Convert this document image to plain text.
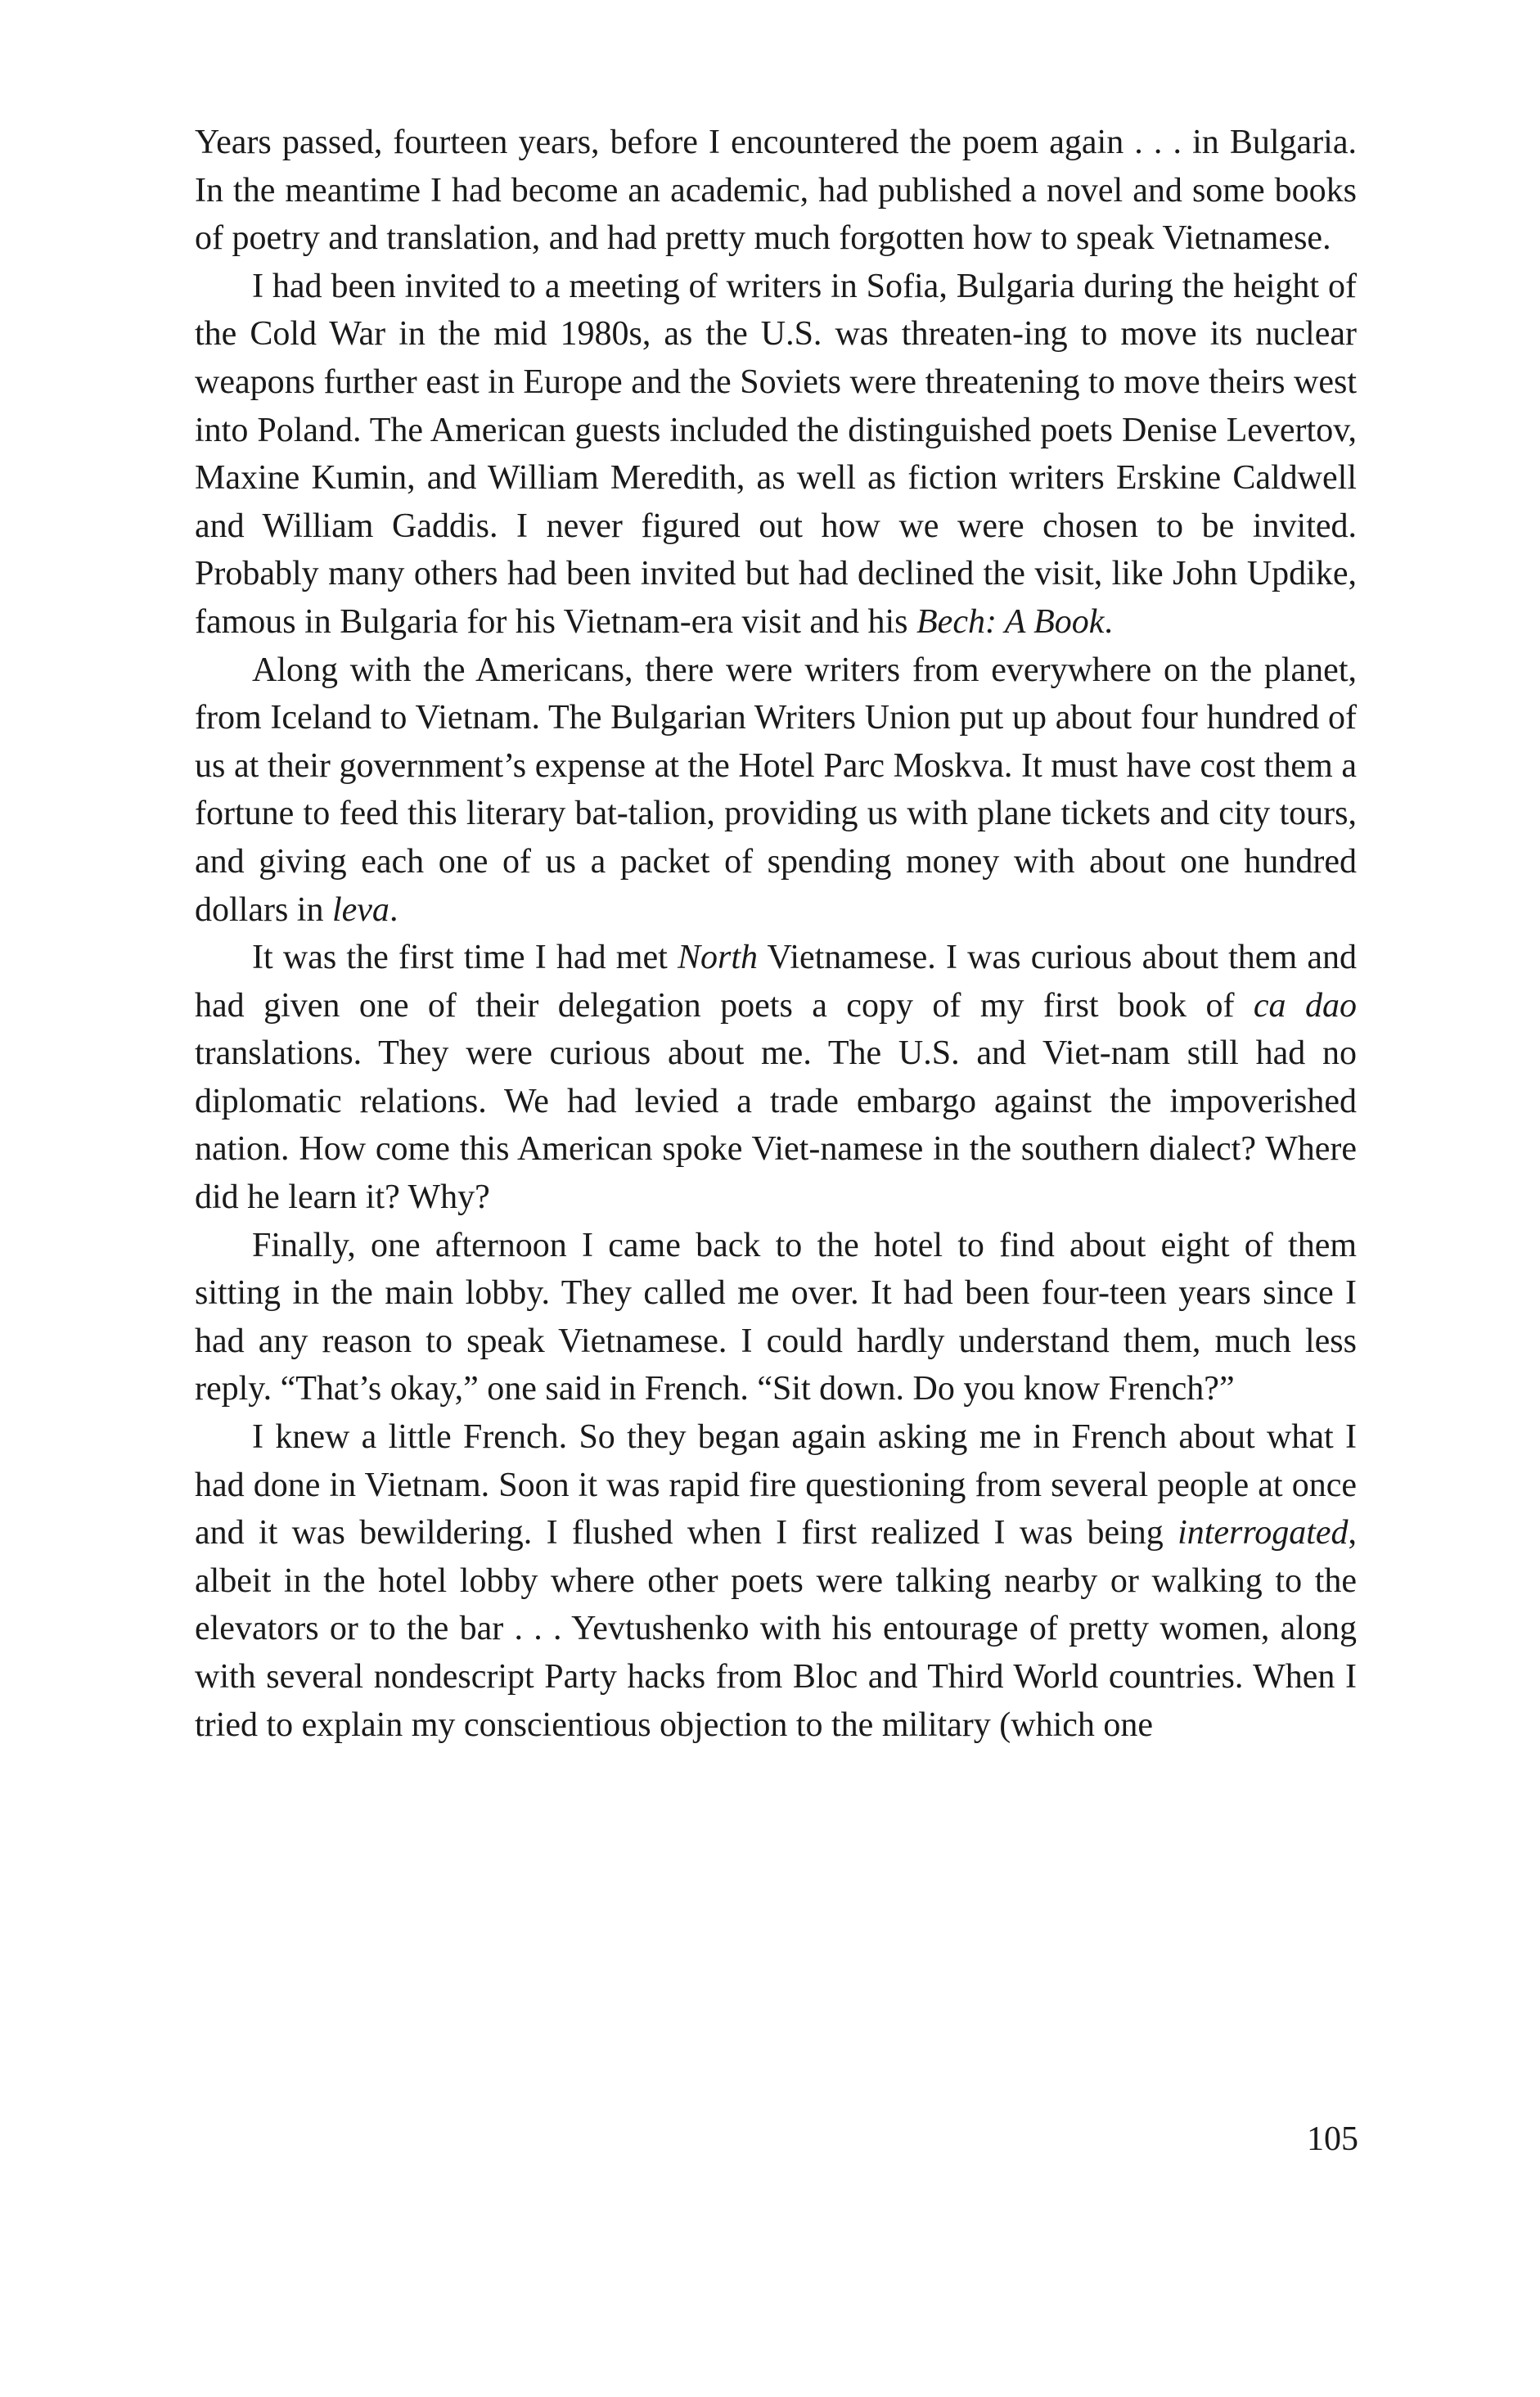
Years passed, fourteen years, before I encountered the poem again . . . in Bulgaria. In the meantime I had become an academic, had published a novel and some books of poetry and translation, and had pretty much forgotten how to speak Vietnamese.

I had been invited to a meeting of writers in Sofia, Bulgaria during the height of the Cold War in the mid 1980s, as the U.S. was threaten-ing to move its nuclear weapons further east in Europe and the Soviets were threatening to move theirs west into Poland. The American guests included the distinguished poets Denise Levertov, Maxine Kumin, and William Meredith, as well as fiction writers Erskine Caldwell and William Gaddis. I never figured out how we were chosen to be invited. Probably many others had been invited but had declined the visit, like John Updike, famous in Bulgaria for his Vietnam-era visit and his Bech: A Book.

Along with the Americans, there were writers from everywhere on the planet, from Iceland to Vietnam. The Bulgarian Writers Union put up about four hundred of us at their government’s expense at the Hotel Parc Moskva. It must have cost them a fortune to feed this literary bat-talion, providing us with plane tickets and city tours, and giving each one of us a packet of spending money with about one hundred dollars in leva.

It was the first time I had met North Vietnamese. I was curious about them and had given one of their delegation poets a copy of my first book of ca dao translations. They were curious about me. The U.S. and Viet-nam still had no diplomatic relations. We had levied a trade embargo against the impoverished nation. How come this American spoke Viet-namese in the southern dialect? Where did he learn it? Why?

Finally, one afternoon I came back to the hotel to find about eight of them sitting in the main lobby. They called me over. It had been four-teen years since I had any reason to speak Vietnamese. I could hardly understand them, much less reply. “That’s okay,” one said in French. “Sit down. Do you know French?”

I knew a little French. So they began again asking me in French about what I had done in Vietnam. Soon it was rapid fire questioning from several people at once and it was bewildering. I flushed when I first realized I was being interrogated, albeit in the hotel lobby where other poets were talking nearby or walking to the elevators or to the bar . . . Yevtushenko with his entourage of pretty women, along with several nondescript Party hacks from Bloc and Third World countries. When I tried to explain my conscientious objection to the military (which one

105
